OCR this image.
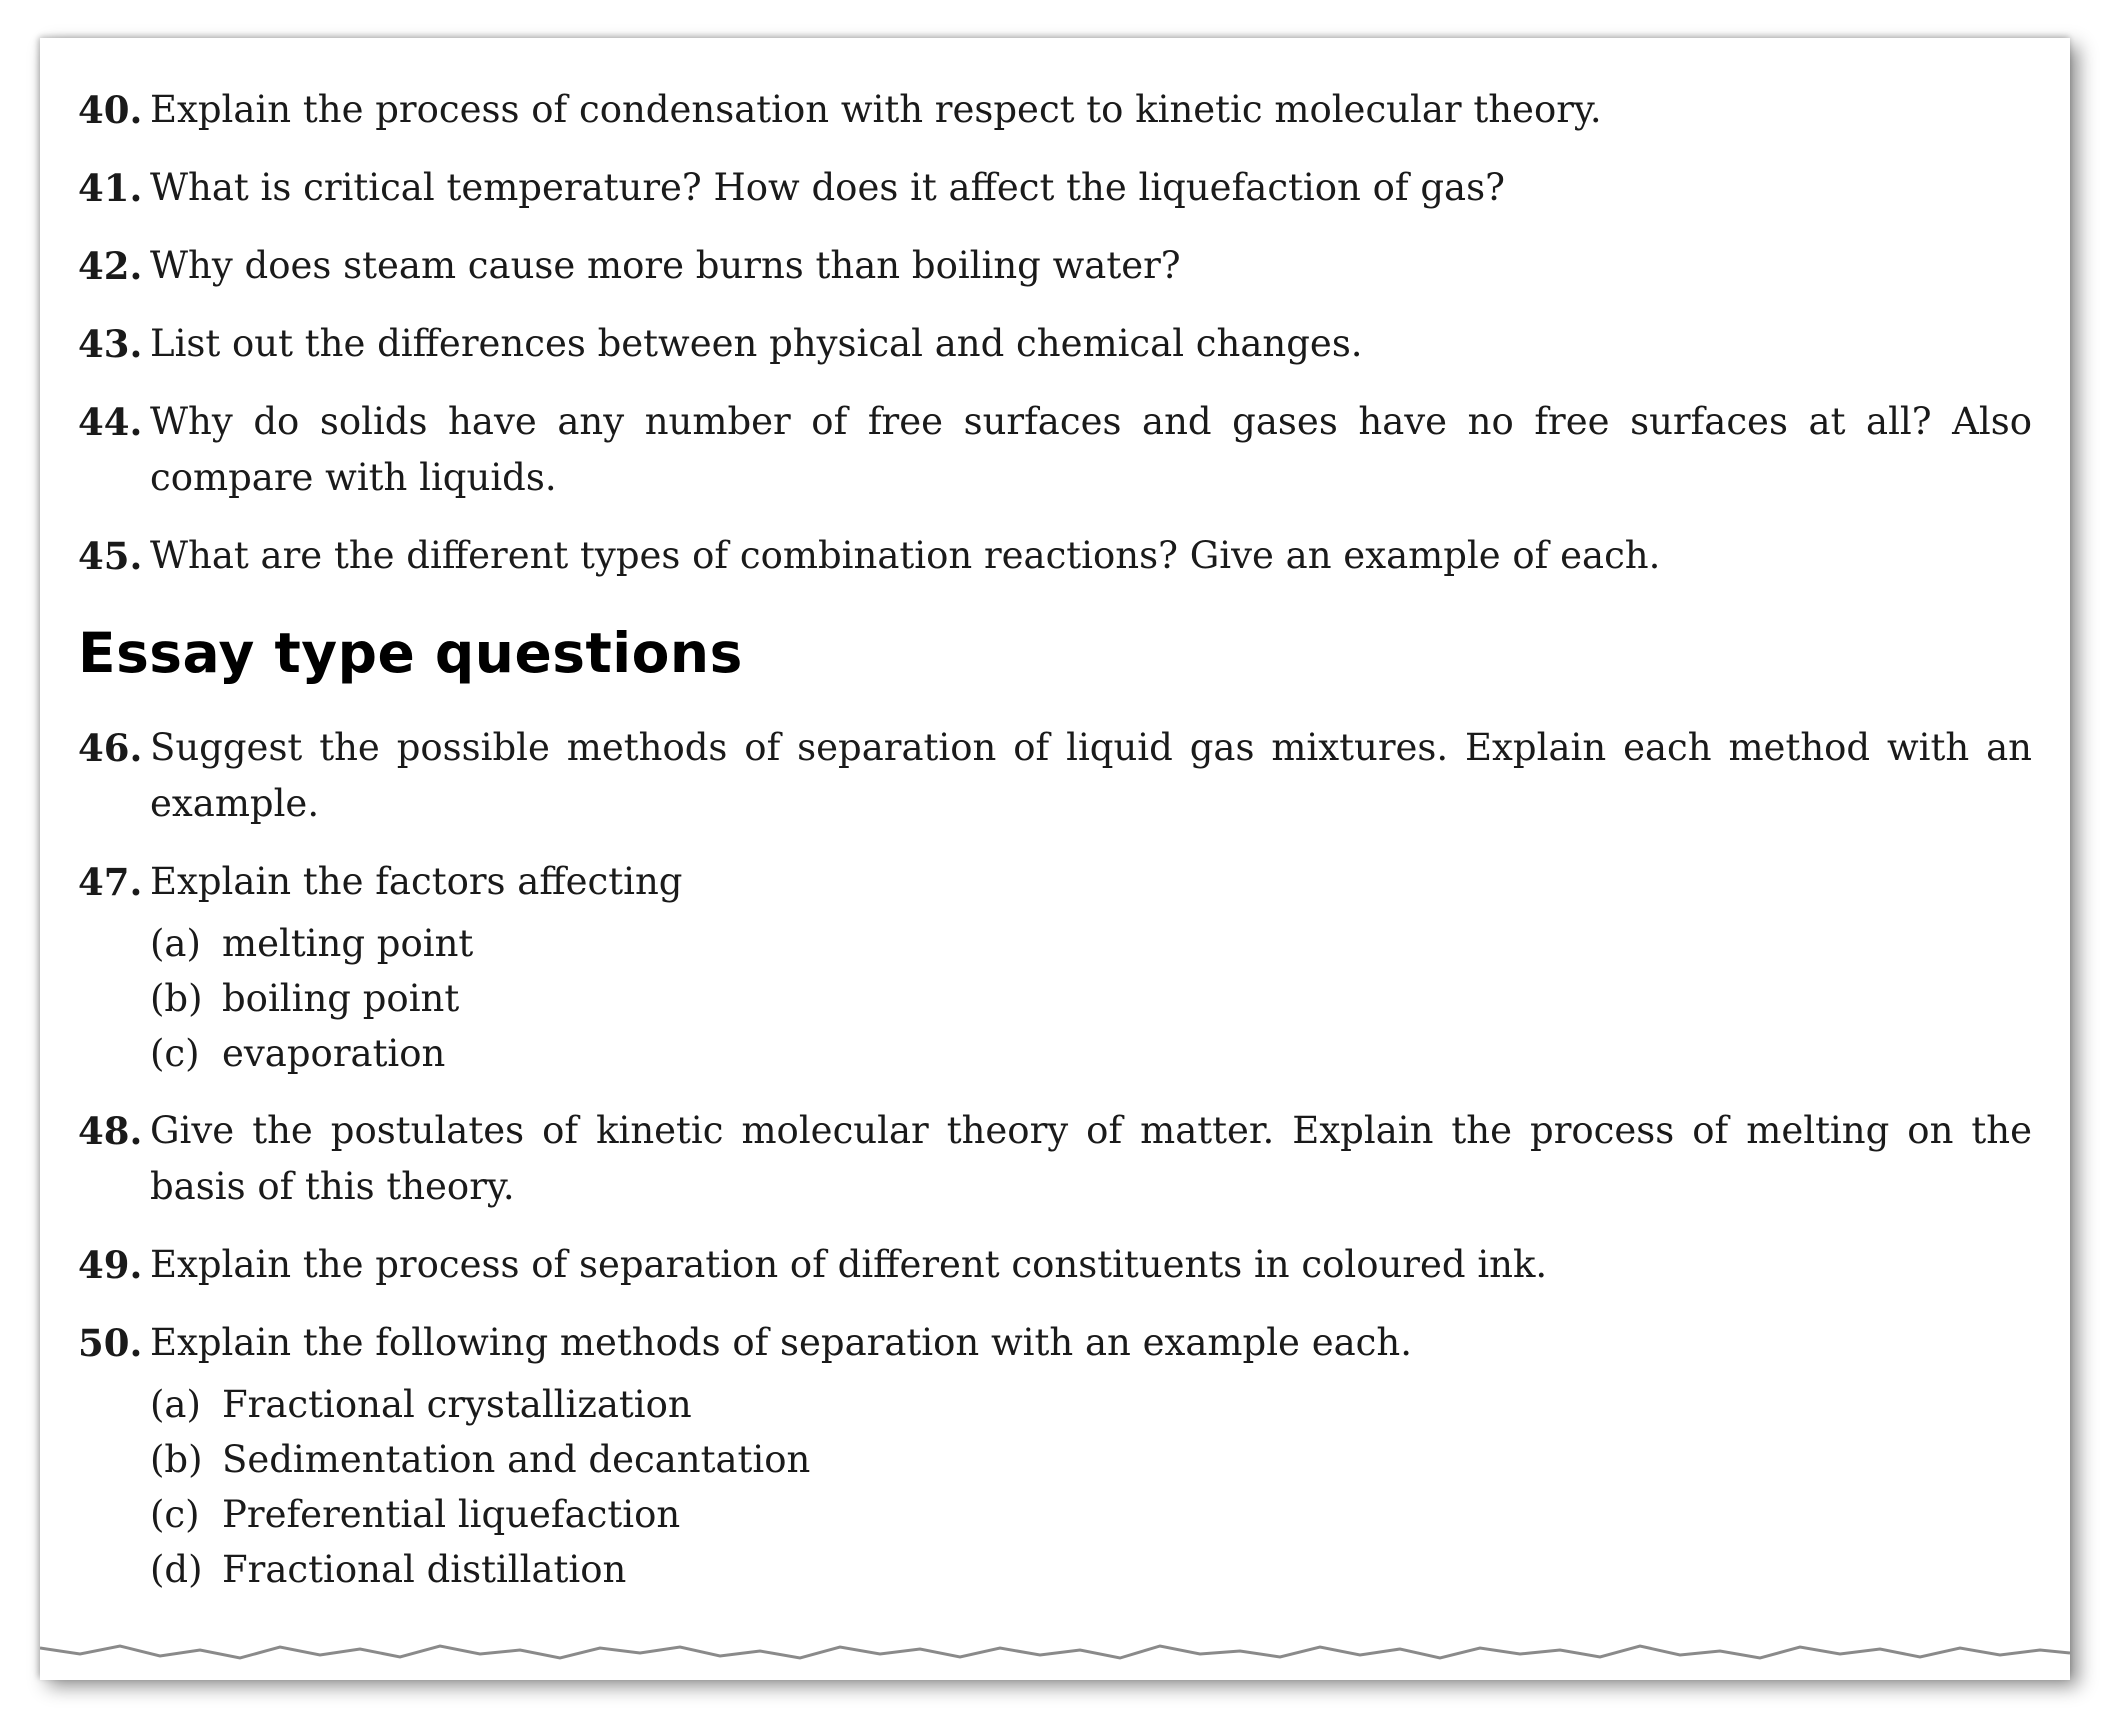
40. Explain the process of condensation with respect to kinetic molecular theory.
41. What is critical temperature? How does it affect the liquefaction of gas?
42. Why does steam cause more burns than boiling water?
43. List out the differences between physical and chemical changes.
44. Why do solids have any number of free surfaces and gases have no free surfaces at all? Also compare with liquids.
45. What are the different types of combination reactions? Give an example of each.
Essay type questions
46. Suggest the possible methods of separation of liquid gas mixtures. Explain each method with an example.
47. Explain the factors affecting
(a) melting point
(b) boiling point
(c) evaporation
48. Give the postulates of kinetic molecular theory of matter. Explain the process of melting on the basis of this theory.
49. Explain the process of separation of different constituents in coloured ink.
50. Explain the following methods of separation with an example each.
(a) Fractional crystallization
(b) Sedimentation and decantation
(c) Preferential liquefaction
(d) Fractional distillation
